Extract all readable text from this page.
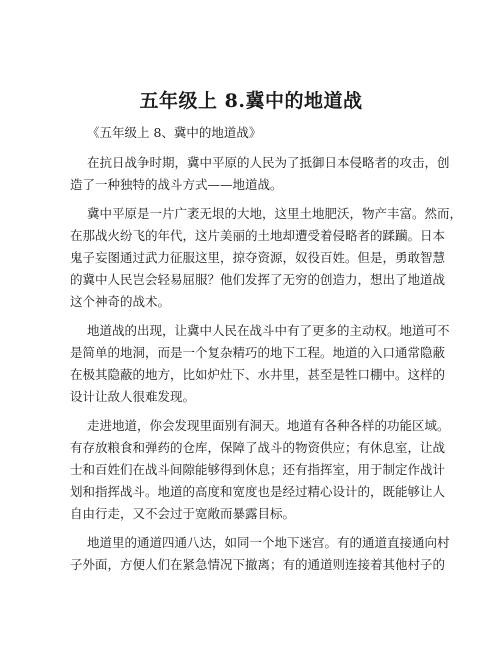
五年级上 8.冀中的地道战
《五年级上 8、冀中的地道战》
在抗日战争时期，冀中平原的人民为了抵御日本侵略者的攻击，创
造了一种独特的战斗方式——地道战。
冀中平原是一片广袤无垠的大地，这里土地肥沃，物产丰富。然而，
在那战火纷飞的年代，这片美丽的土地却遭受着侵略者的蹂躏。日本
鬼子妄图通过武力征服这里，掠夺资源，奴役百姓。但是，勇敢智慧
的冀中人民岂会轻易屈服？他们发挥了无穷的创造力，想出了地道战
这个神奇的战术。
地道战的出现，让冀中人民在战斗中有了更多的主动权。地道可不
是简单的地洞，而是一个复杂精巧的地下工程。地道的入口通常隐蔽
在极其隐蔽的地方，比如炉灶下、水井里，甚至是牲口棚中。这样的
设计让敌人很难发现。
走进地道，你会发现里面别有洞天。地道有各种各样的功能区域。
有存放粮食和弹药的仓库，保障了战斗的物资供应；有休息室，让战
士和百姓们在战斗间隙能够得到休息；还有指挥室，用于制定作战计
划和指挥战斗。地道的高度和宽度也是经过精心设计的，既能够让人
自由行走，又不会过于宽敞而暴露目标。
地道里的通道四通八达，如同一个地下迷宫。有的通道直接通向村
子外面，方便人们在紧急情况下撤离；有的通道则连接着其他村子的
